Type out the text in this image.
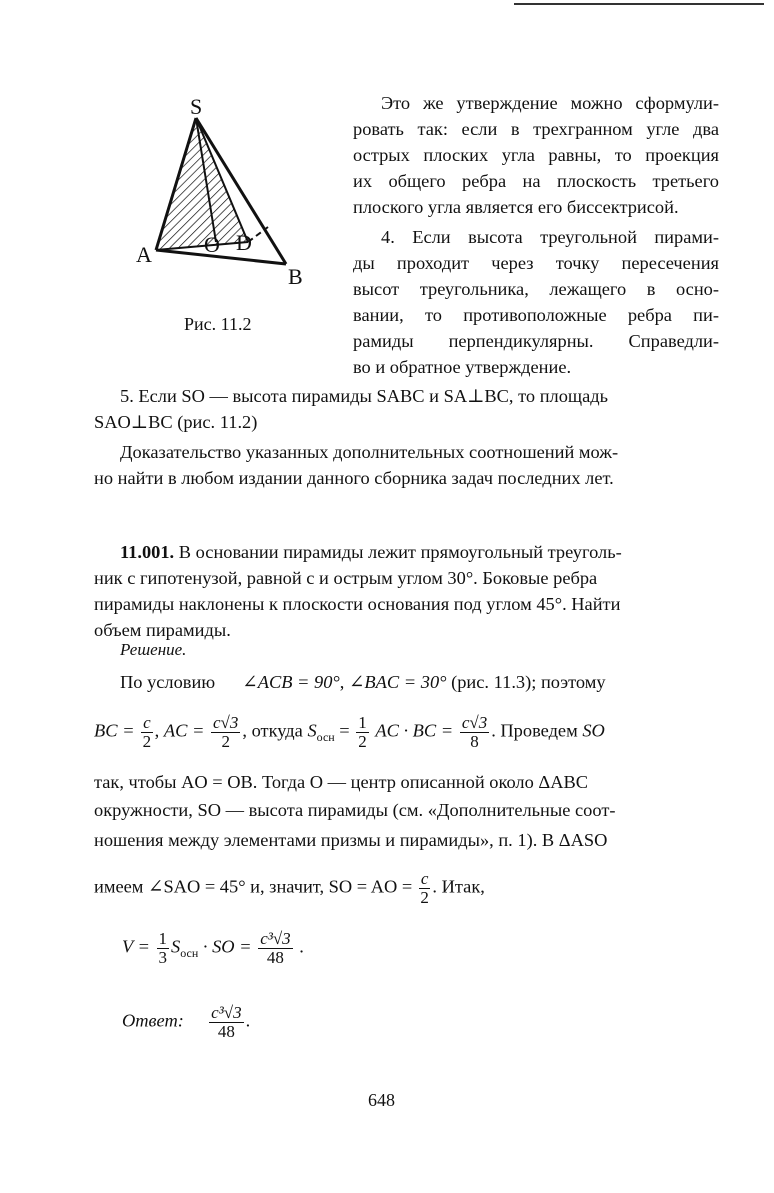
S
A
B
O D
Рис. 11.2
Это же утверждение можно сформули-
ровать так: если в трехгранном угле два
острых плоских угла равны, то проекция
их общего ребра на плоскость третьего
плоского угла является его биссектрисой.
4. Если высота треугольной пирами-
ды проходит через точку пересечения
высот треугольника, лежащего в осно-
вании, то противоположные ребра пи-
рамиды перпендикулярны. Справедли-
во и обратное утверждение.
5. Если SO — высота пирамиды SABC и SA⊥BC, то площадь
SAO⊥BC (рис. 11.2)
Доказательство указанных дополнительных соотношений мож-
но найти в любом издании данного сборника задач последних лет.
11.001. В основании пирамиды лежит прямоугольный треуголь-
ник с гипотенузой, равной c и острым углом 30°. Боковые ребра
пирамиды наклонены к плоскости основания под углом 45°. Найти
объем пирамиды.
Решение.
По условию ∠ACB = 90°, ∠BAC = 30° (рис. 11.3); поэтому
BC = $\frac{c}{2}$ , AC = $\frac{c√3}{2}$ , откуда $S_{осн} = \frac{1}{2}$ AC · BC = $\frac{c√3}{8}$ . Проведем SO
так, чтобы AO = OB. Тогда O — центр описанной около ΔABC
окружности, SO — высота пирамиды (см. «Дополнительные соот-
ношения между элементами призмы и пирамиды», п. 1). В ΔASO
имеем ∠SAO = 45° и, значит, SO = AO = $\frac{c}{2}$ . Итак,
$V = \frac{1}{3} S_{осн}$ · SO = $\frac{\text{c³√3}}{48}$ .
Ответ: $\frac{\text{c³√3}}{48}$ .
648
